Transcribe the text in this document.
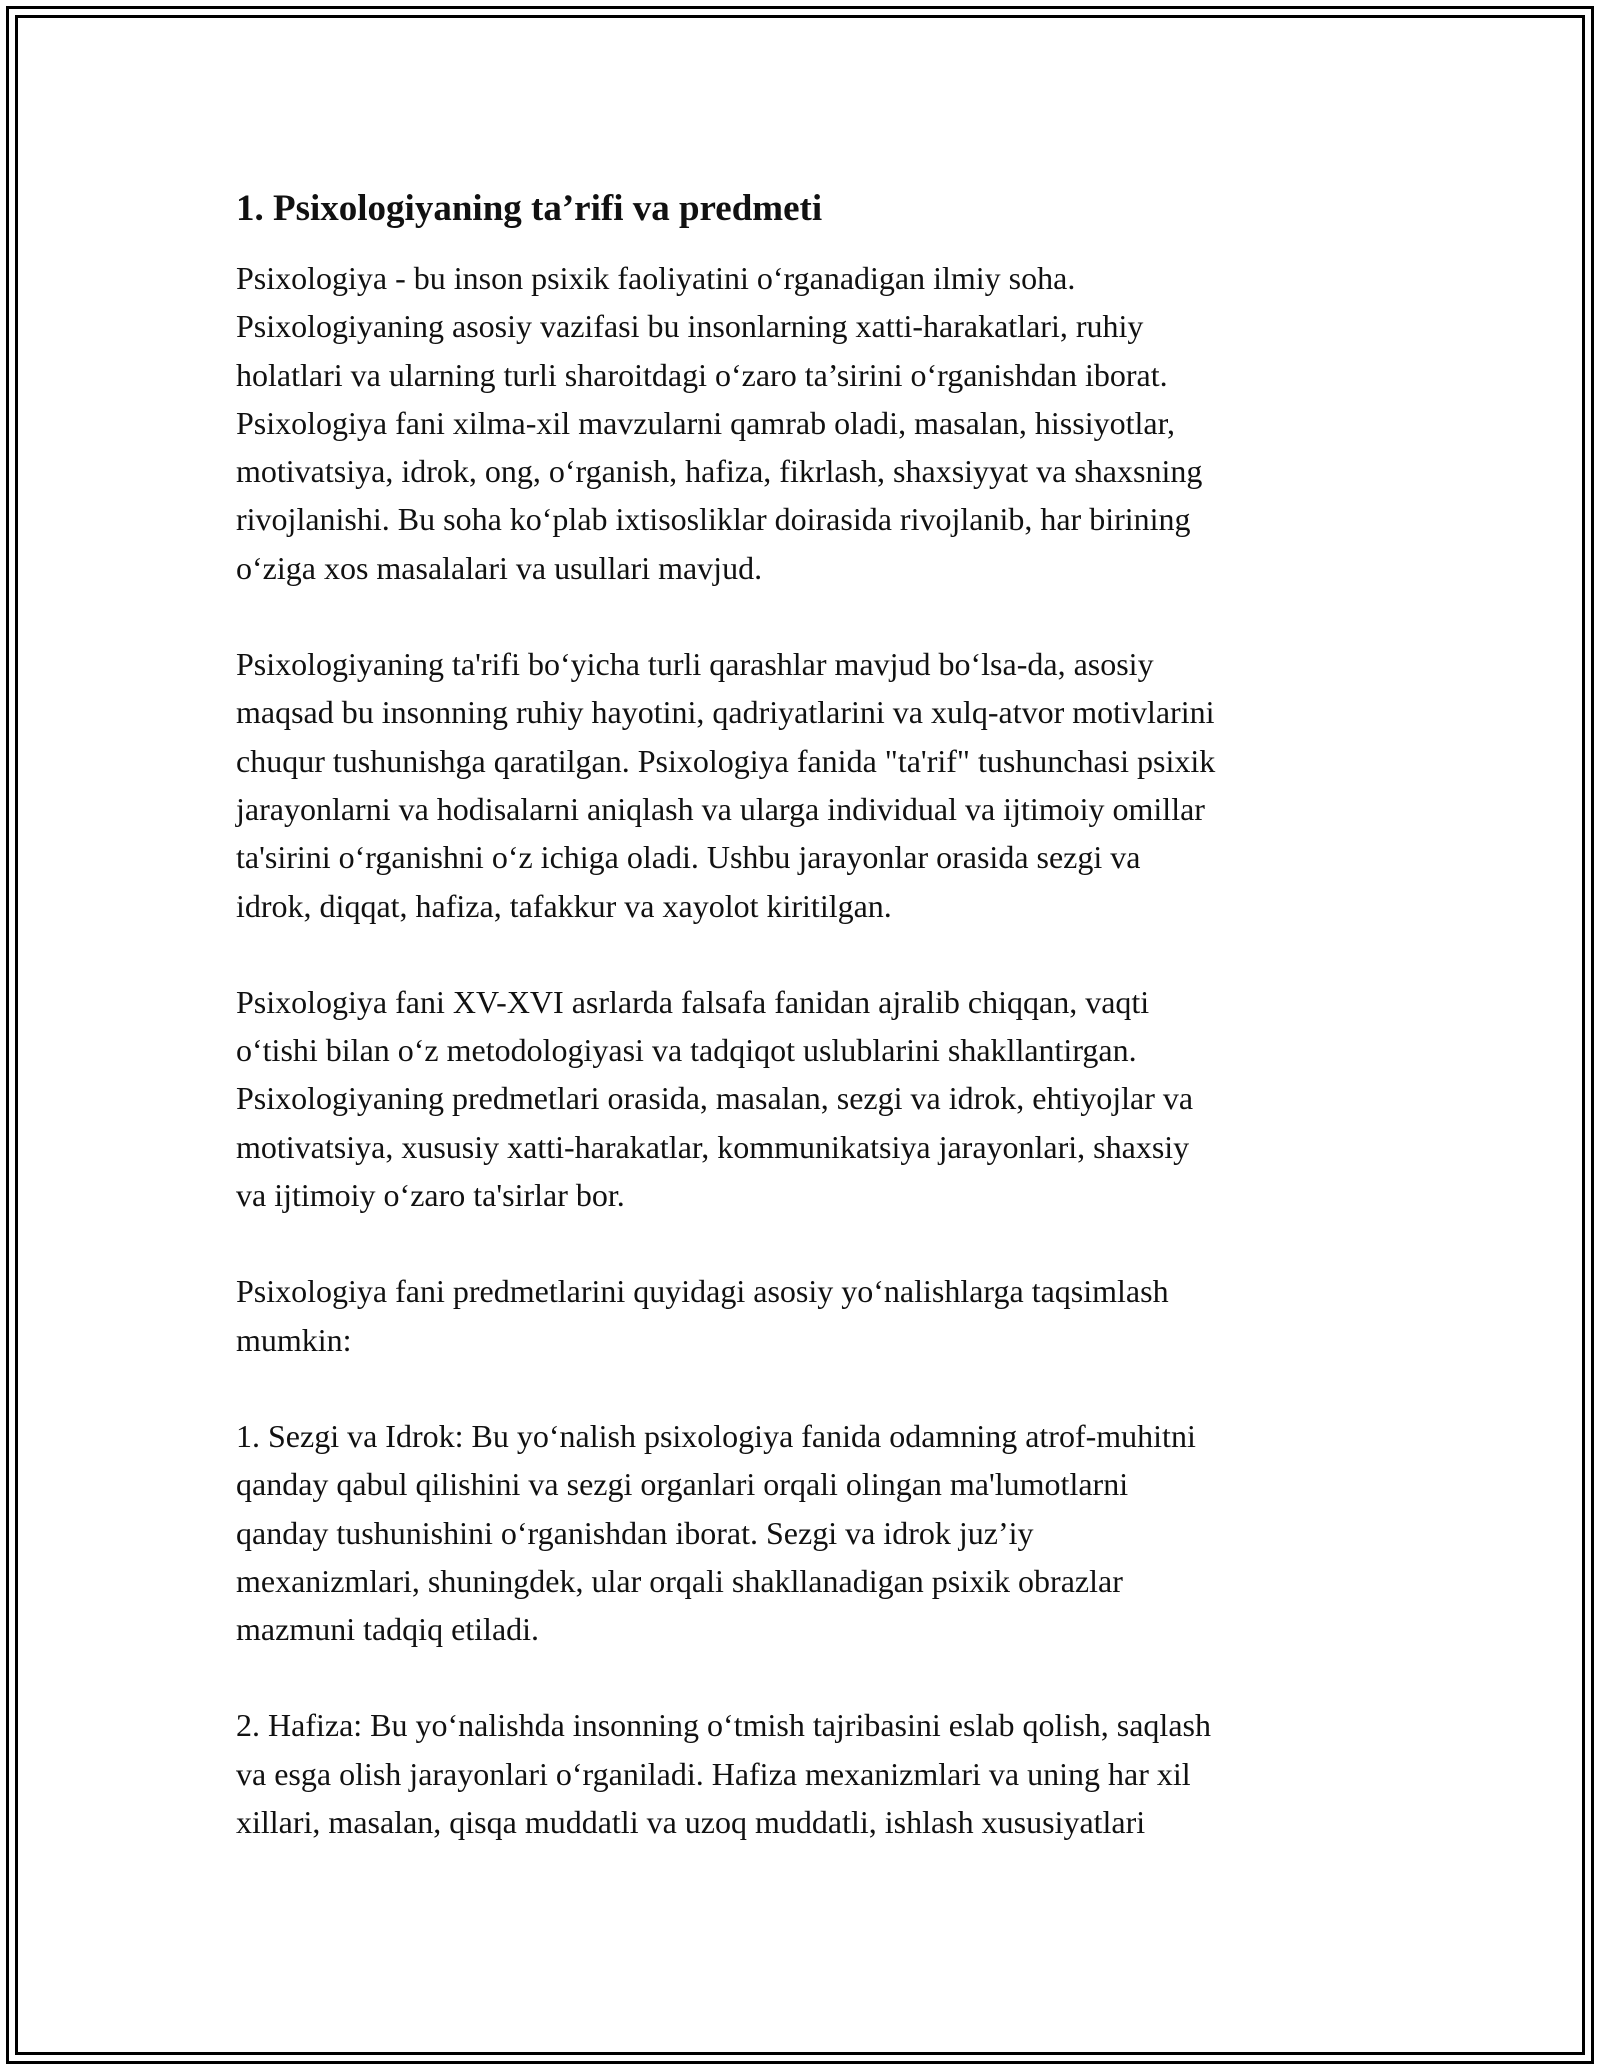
1. Psixologiyaning ta’rifi va predmeti

Psixologiya - bu inson psixik faoliyatini o‘rganadigan ilmiy soha.
Psixologiyaning asosiy vazifasi bu insonlarning xatti-harakatlari, ruhiy
holatlari va ularning turli sharoitdagi o‘zaro ta’sirini o‘rganishdan iborat.
Psixologiya fani xilma-xil mavzularni qamrab oladi, masalan, hissiyotlar,
motivatsiya, idrok, ong, o‘rganish, hafiza, fikrlash, shaxsiyyat va shaxsning
rivojlanishi. Bu soha ko‘plab ixtisosliklar doirasida rivojlanib, har birining
o‘ziga xos masalalari va usullari mavjud.

Psixologiyaning ta'rifi bo‘yicha turli qarashlar mavjud bo‘lsa-da, asosiy
maqsad bu insonning ruhiy hayotini, qadriyatlarini va xulq-atvor motivlarini
chuqur tushunishga qaratilgan. Psixologiya fanida "ta'rif" tushunchasi psixik
jarayonlarni va hodisalarni aniqlash va ularga individual va ijtimoiy omillar
ta'sirini o‘rganishni o‘z ichiga oladi. Ushbu jarayonlar orasida sezgi va
idrok, diqqat, hafiza, tafakkur va xayolot kiritilgan.

Psixologiya fani XV-XVI asrlarda falsafa fanidan ajralib chiqqan, vaqti
o‘tishi bilan o‘z metodologiyasi va tadqiqot uslublarini shakllantirgan.
Psixologiyaning predmetlari orasida, masalan, sezgi va idrok, ehtiyojlar va
motivatsiya, xususiy xatti-harakatlar, kommunikatsiya jarayonlari, shaxsiy
va ijtimoiy o‘zaro ta'sirlar bor.

Psixologiya fani predmetlarini quyidagi asosiy yo‘nalishlarga taqsimlash
mumkin:

1. Sezgi va Idrok: Bu yo‘nalish psixologiya fanida odamning atrof-muhitni
qanday qabul qilishini va sezgi organlari orqali olingan ma'lumotlarni
qanday tushunishini o‘rganishdan iborat. Sezgi va idrok juz’iy
mexanizmlari, shuningdek, ular orqali shakllanadigan psixik obrazlar
mazmuni tadqiq etiladi.

2. Hafiza: Bu yo‘nalishda insonning o‘tmish tajribasini eslab qolish, saqlash
va esga olish jarayonlari o‘rganiladi. Hafiza mexanizmlari va uning har xil
xillari, masalan, qisqa muddatli va uzoq muddatli, ishlash xususiyatlari
